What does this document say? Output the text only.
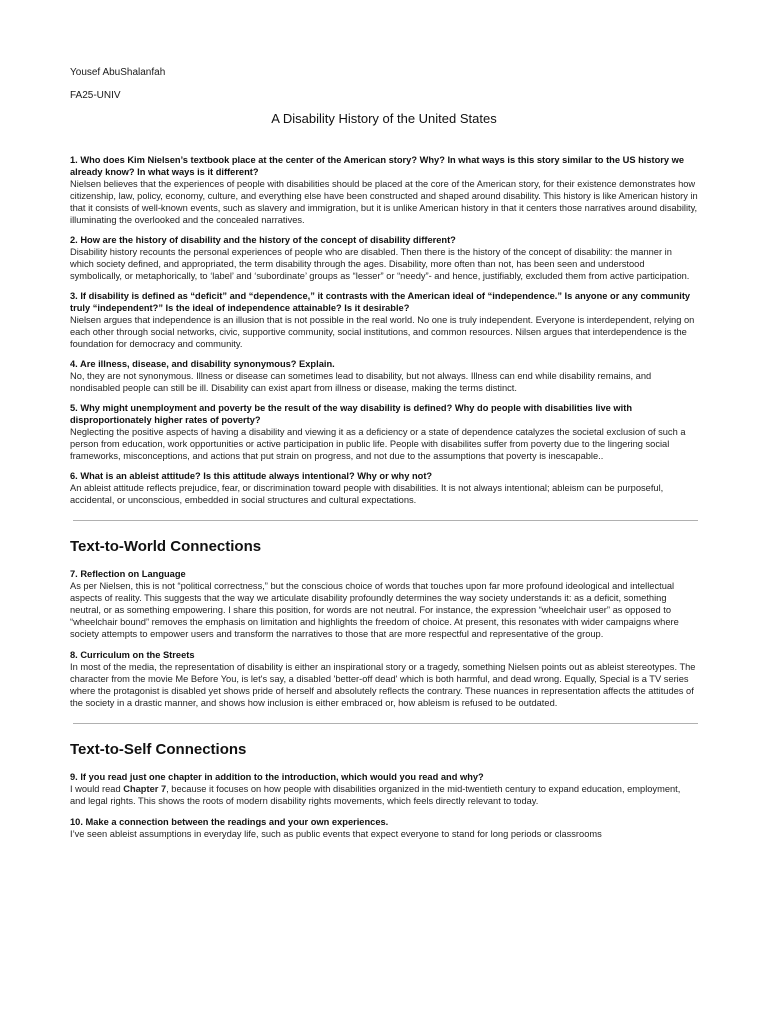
Yousef AbuShalanfah

FA25-UNIV

A Disability History of the United States

1. Who does Kim Nielsen’s textbook place at the center of the American story? Why? In what ways is this story similar to the US history we already know? In what ways is it different?

Nielsen believes that the experiences of people with disabilities should be placed at the core of the American story, for their existence demonstrates how citizenship, law, policy, economy, culture, and everything else have been constructed and shaped around disability. This history is like American history in that it consists of well-known events, such as slavery and immigration, but it is unlike American history in that it centers those narratives around disability, illuminating the overlooked and the concealed narratives.

2. How are the history of disability and the history of the concept of disability different?

Disability history recounts the personal experiences of people who are disabled. Then there is the history of the concept of disability: the manner in which society defined, and appropriated, the term disability through the ages. Disability, more often than not, has been seen and understood symbolically, or metaphorically, to ‘label’ and ‘subordinate’ groups as “lesser” or “needy”- and hence, justifiably, excluded them from active participation.

3. If disability is defined as “deficit” and “dependence,” it contrasts with the American ideal of “independence.” Is anyone or any community truly “independent?” Is the ideal of independence attainable? Is it desirable?

Nielsen argues that independence is an illusion that is not possible in the real world. No one is truly independent. Everyone is interdependent, relying on each other through social networks, civic, supportive community, social institutions, and common resources. Nilsen argues that interdependence is the foundation for democracy and community.

4. Are illness, disease, and disability synonymous? Explain.

No, they are not synonymous. Illness or disease can sometimes lead to disability, but not always. Illness can end while disability remains, and nondisabled people can still be ill. Disability can exist apart from illness or disease, making the terms distinct.

5. Why might unemployment and poverty be the result of the way disability is defined? Why do people with disabilities live with disproportionately higher rates of poverty?

Neglecting the positive aspects of having a disability and viewing it as a deficiency or a state of dependence catalyzes the societal exclusion of such a person from education, work opportunities or active participation in public life. People with disabilites suffer from poverty due to the lingering social frameworks, misconceptions, and actions that put strain on progress, and not due to the assumptions that poverty is inescapable..

6. What is an ableist attitude? Is this attitude always intentional? Why or why not?

An ableist attitude reflects prejudice, fear, or discrimination toward people with disabilities. It is not always intentional; ableism can be purposeful, accidental, or unconscious, embedded in social structures and cultural expectations.

Text-to-World Connections

7. Reflection on Language

As per Nielsen, this is not “political correctness,” but the conscious choice of words that touches upon far more profound ideological and intellectual aspects of reality. This suggests that the way we articulate disability profoundly determines the way society understands it: as a deficit, something neutral, or as something empowering. I share this position, for words are not neutral. For instance, the expression “wheelchair user” as opposed to “wheelchair bound” removes the emphasis on limitation and highlights the freedom of choice. At present, this resonates with wider campaigns where society attempts to empower users and transform the narratives to those that are more respectful and representative of the group.

8. Curriculum on the Streets

In most of the media, the representation of disability is either an inspirational story or a tragedy, something Nielsen points out as ableist stereotypes. The character from the movie Me Before You, is let's say, a disabled 'better-off dead' which is both harmful, and dead wrong. Equally, Special is a TV series where the protagonist is disabled yet shows pride of herself and absolutely reflects the contrary. These nuances in representation affects the attitudes of the society in a drastic manner, and shows how inclusion is either embraced or, how ableism is refused to be outdated.

Text-to-Self Connections

9. If you read just one chapter in addition to the introduction, which would you read and why?

I would read Chapter 7, because it focuses on how people with disabilities organized in the mid-twentieth century to expand education, employment, and legal rights. This shows the roots of modern disability rights movements, which feels directly relevant to today.

10. Make a connection between the readings and your own experiences.

I’ve seen ableist assumptions in everyday life, such as public events that expect everyone to stand for long periods or classrooms
